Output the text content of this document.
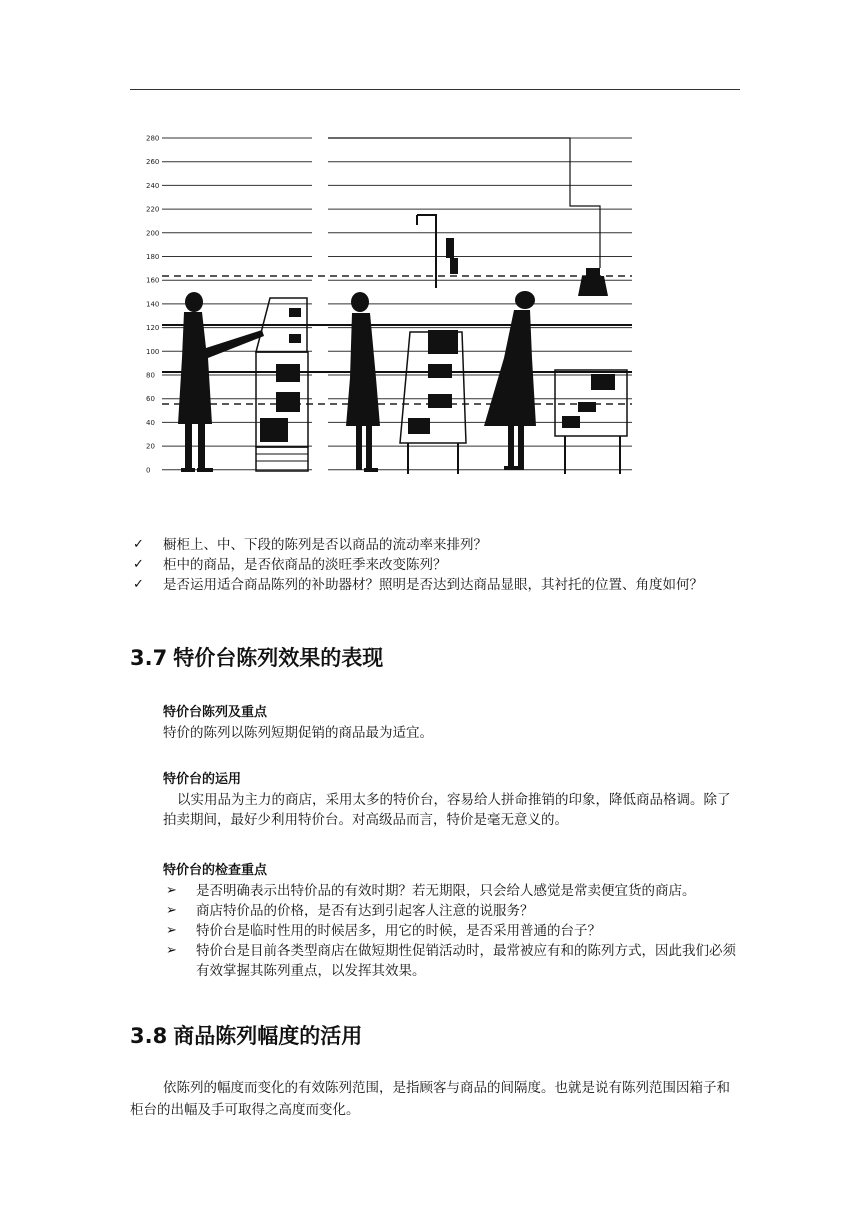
280
260
240
220
200
180
160
140
120
100
80
60
40
20
0
✓	橱柜上、中、下段的陈列是否以商品的流动率来排列？
✓	柜中的商品，是否依商品的淡旺季来改变陈列？
✓	是否运用适合商品陈列的补助器材？照明是否达到达商品显眼，其衬托的位置、角度如何？
3.7 特价台陈列效果的表现
特价台陈列及重点
特价的陈列以陈列短期促销的商品最为适宜。
特价台的运用
以实用品为主力的商店，采用太多的特价台，容易给人拼命推销的印象，降低商品格调。除了拍卖期间，最好少利用特价台。对高级品而言，特价是毫无意义的。
特价台的检查重点
➢	是否明确表示出特价品的有效时期？若无期限，只会给人感觉是常卖便宜货的商店。
➢	商店特价品的价格，是否有达到引起客人注意的说服务？
➢	特价台是临时性用的时候居多，用它的时候，是否采用普通的台子？
➢	特价台是目前各类型商店在做短期性促销活动时，最常被应有和的陈列方式，因此我们必须有效掌握其陈列重点，以发挥其效果。
3.8 商品陈列幅度的活用
依陈列的幅度而变化的有效陈列范围，是指顾客与商品的间隔度。也就是说有陈列范围因箱子和柜台的出幅及手可取得之高度而变化。
